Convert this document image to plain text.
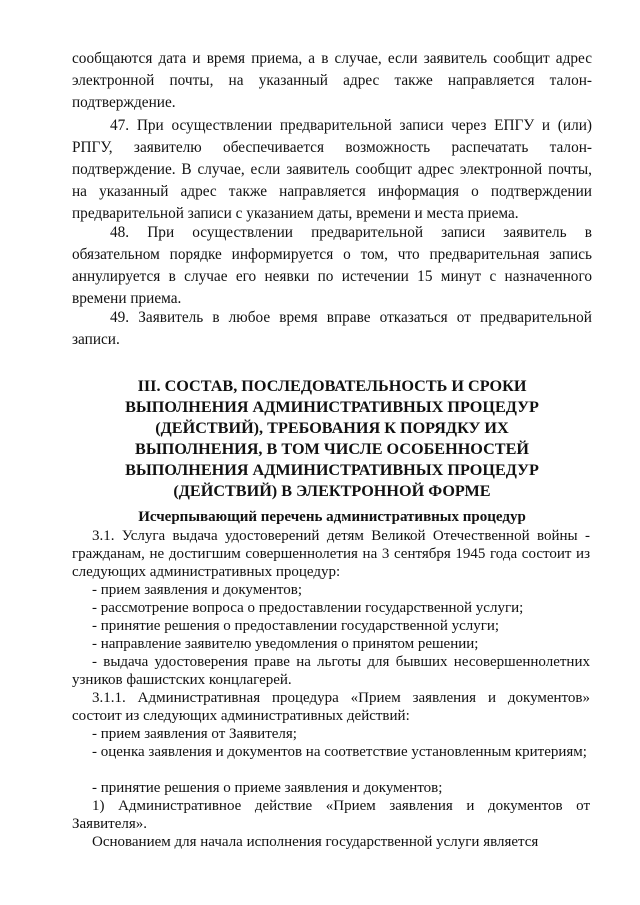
сообщаются дата и время приема, а в случае, если заявитель сообщит адрес электронной почты, на указанный адрес также направляется талон-подтверждение.

47. При осуществлении предварительной записи через ЕПГУ и (или) РПГУ, заявителю обеспечивается возможность распечатать талон-подтверждение. В случае, если заявитель сообщит адрес электронной почты, на указанный адрес также направляется информация о подтверждении предварительной записи с указанием даты, времени и места приема.

48. При осуществлении предварительной записи заявитель в обязательном порядке информируется о том, что предварительная запись аннулируется в случае его неявки по истечении 15 минут с назначенного времени приема.

49. Заявитель в любое время вправе отказаться от предварительной записи.

III. СОСТАВ, ПОСЛЕДОВАТЕЛЬНОСТЬ И СРОКИ ВЫПОЛНЕНИЯ АДМИНИСТРАТИВНЫХ ПРОЦЕДУР (ДЕЙСТВИЙ), ТРЕБОВАНИЯ К ПОРЯДКУ ИХ ВЫПОЛНЕНИЯ, В ТОМ ЧИСЛЕ ОСОБЕННОСТЕЙ ВЫПОЛНЕНИЯ АДМИНИСТРАТИВНЫХ ПРОЦЕДУР (ДЕЙСТВИЙ) В ЭЛЕКТРОННОЙ ФОРМЕ

Исчерпывающий перечень административных процедур

3.1. Услуга выдача удостоверений детям Великой Отечественной войны - гражданам, не достигшим совершеннолетия на 3 сентября 1945 года состоит из следующих административных процедур:

- прием заявления и документов;

- рассмотрение вопроса о предоставлении государственной услуги;

- принятие решения о предоставлении государственной услуги;

- направление заявителю уведомления о принятом решении;

- выдача удостоверения праве на льготы для бывших несовершеннолетних узников фашистских концлагерей.

3.1.1. Административная процедура «Прием заявления и документов» состоит из следующих административных действий:

- прием заявления от Заявителя;

- оценка заявления и документов на соответствие установленным критериям;

- принятие решения о приеме заявления и документов;

1) Административное действие «Прием заявления и документов от Заявителя».

Основанием для начала исполнения государственной услуги является
